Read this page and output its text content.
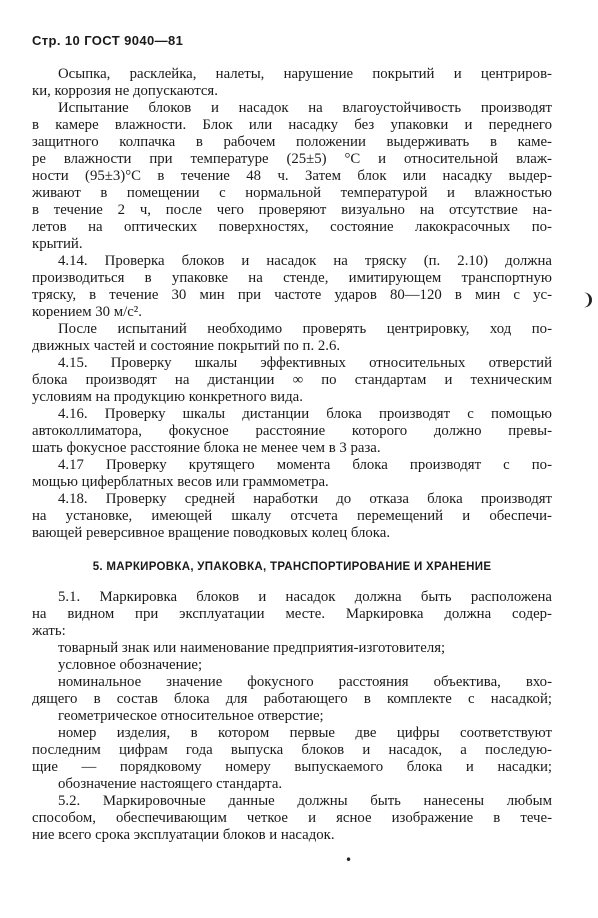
Стр. 10 ГОСТ 9040—81
Осыпка, расклейка, налеты, нарушение покрытий и центриров-
ки, коррозия не допускаются.
Испытание блоков и насадок на влагоустойчивость производят
в камере влажности. Блок или насадку без упаковки и переднего
защитного колпачка в рабочем положении выдерживать в каме-
ре влажности при температуре (25±5) °С и относительной влаж-
ности (95±3)°С в течение 48 ч. Затем блок или насадку выдер-
живают в помещении с нормальной температурой и влажностью
в течение 2 ч, после чего проверяют визуально на отсутствие на-
летов на оптических поверхностях, состояние лакокрасочных по-
крытий.
4.14. Проверка блоков и насадок на тряску (п. 2.10) должна
производиться в упаковке на стенде, имитирующем транспортную
тряску, в течение 30 мин при частоте ударов 80—120 в мин с ус-
корением 30 м/с².
После испытаний необходимо проверять центрировку, ход по-
движных частей и состояние покрытий по п. 2.6.
4.15. Проверку шкалы эффективных относительных отверстий
блока производят на дистанции ∞ по стандартам и техническим
условиям на продукцию конкретного вида.
4.16. Проверку шкалы дистанции блока производят с помощью
автоколлиматора, фокусное расстояние которого должно превы-
шать фокусное расстояние блока не менее чем в 3 раза.
4.17 Проверку крутящего момента блока производят с по-
мощью циферблатных весов или граммометра.
4.18. Проверку средней наработки до отказа блока производят
на установке, имеющей шкалу отсчета перемещений и обеспечи-
вающей реверсивное вращение поводковых колец блока.
5. МАРКИРОВКА, УПАКОВКА, ТРАНСПОРТИРОВАНИЕ И ХРАНЕНИЕ
5.1. Маркировка блоков и насадок должна быть расположена
на видном при эксплуатации месте. Маркировка должна содер-
жать:
товарный знак или наименование предприятия-изготовителя;
условное обозначение;
номинальное значение фокусного расстояния объектива, вхо-
дящего в состав блока для работающего в комплекте с насадкой;
геометрическое относительное отверстие;
номер изделия, в котором первые две цифры соответствуют
последним цифрам года выпуска блоков и насадок, а последую-
щие — порядковому номеру выпускаемого блока и насадки;
обозначение настоящего стандарта.
5.2. Маркировочные данные должны быть нанесены любым
способом, обеспечивающим четкое и ясное изображение в тече-
ние всего срока эксплуатации блоков и насадок.
❩
•
